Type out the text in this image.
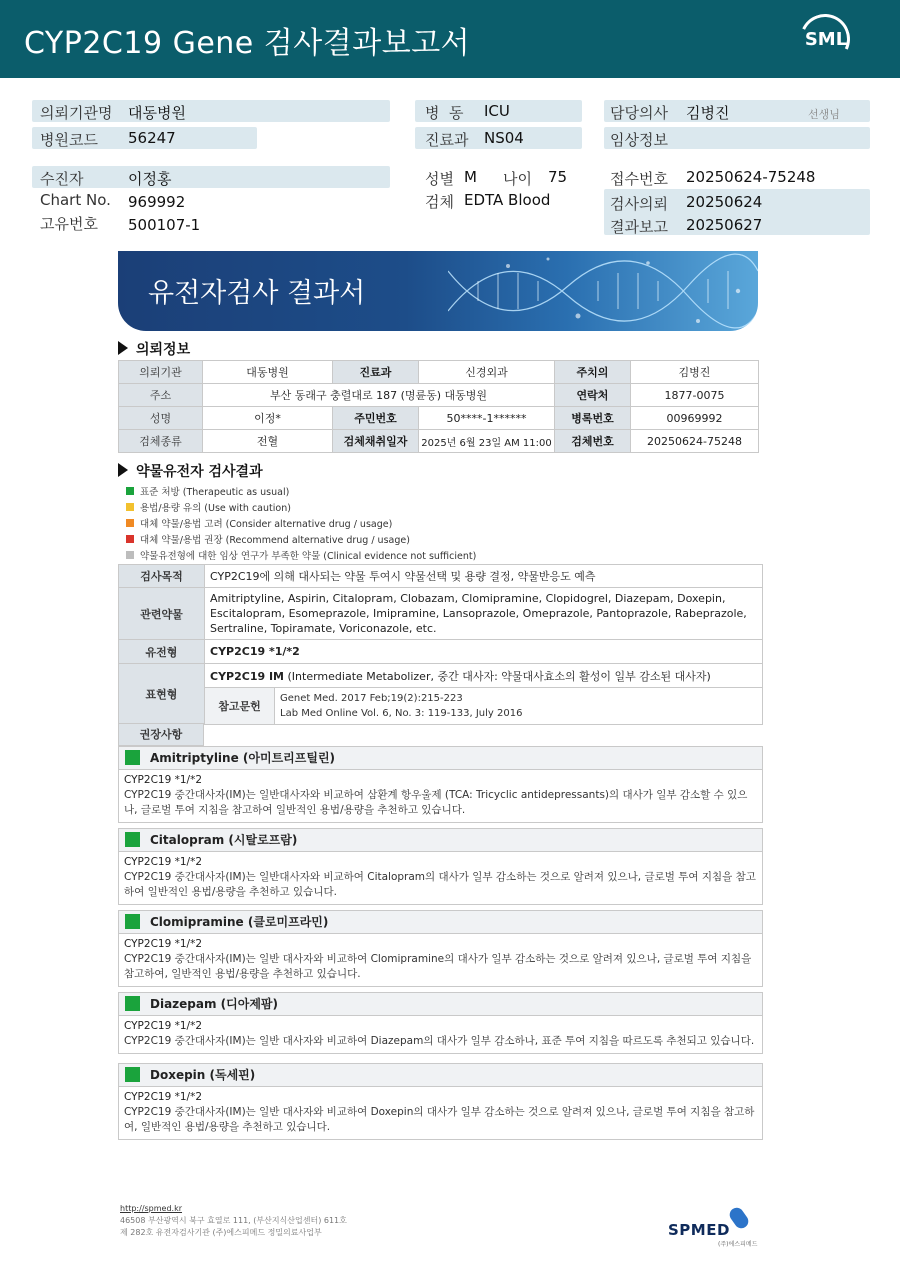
CYP2C19 Gene 검사결과보고서	SML
의뢰기관명 대동병원
병원코드 56247
병  동 ICU
진료과 NS04
담당의사 김병진	선생님
임상정보
수진자	이정홍
Chart No. 969992
고유번호 500107-1
성별 M 나이 75
검체 EDTA Blood
접수번호 20250624-75248
검사의뢰 20250624
결과보고 20250627
유전자검사 결과서
의뢰정보
의뢰기관	대동병원	진료과	신경외과	주치의	김병진
주소	부산 동래구 충렬대로 187 (명륜동) 대동병원			연락처	1877-0075
성명	이정*	주민번호	50****-1******	병록번호	00969992
검체종류	전혈	검체채취일자	2025년 6월 23일 AM 11:00	검체번호	20250624-75248
약물유전자 검사결과
표준 처방 (Therapeutic as usual)
용법/용량 유의 (Use with caution)
대체 약물/용법 고려 (Consider alternative drug / usage)
대체 약물/용법 권장 (Recommend alternative drug / usage)
약물유전형에 대한 임상 연구가 부족한 약물 (Clinical evidence not sufficient)
검사목적	CYP2C19에 의해 대사되는 약물 투여시 약물선택 및 용량 결정, 약물반응도 예측	
관련약물	Amitriptyline, Aspirin, Citalopram, Clobazam, Clomipramine, Clopidogrel, Diazepam, Doxepin, Escitalopram, Esomeprazole, Imipramine, Lansoprazole, Omeprazole, Pantoprazole, Rabeprazole, Sertraline, Topiramate, Voriconazole, etc.	
유전형	CYP2C19 *1/*2	
표현형	CYP2C19 IM (Intermediate Metabolizer, 중간 대사자: 약물대사효소의 활성이 일부 감소된 대사자)	
	참고문헌	Genet Med. 2017 Feb;19(2):215-223
Lab Med Online Vol. 6, No. 3: 119-133, July 2016
권장사항
Amitriptyline (아미트리프틸린)
CYP2C19 *1/*2
CYP2C19 중간대사자(IM)는 일반대사자와 비교하여 삼환계 항우울제 (TCA: Tricyclic antidepressants)의 대사가 일부 감소할 수 있으나, 글로벌 투여 지침을 참고하여 일반적인 용법/용량을 추천하고 있습니다.
Citalopram (시탈로프람)
CYP2C19 *1/*2
CYP2C19 중간대사자(IM)는 일반대사자와 비교하여 Citalopram의 대사가 일부 감소하는 것으로 알려져 있으나, 글로벌 투여 지침을 참고하여 일반적인 용법/용량을 추천하고 있습니다.
Clomipramine (클로미프라민)
CYP2C19 *1/*2
CYP2C19 중간대사자(IM)는 일반 대사자와 비교하여 Clomipramine의 대사가 일부 감소하는 것으로 알려져 있으나, 글로벌 투여 지침을 참고하여, 일반적인 용법/용량을 추천하고 있습니다.
Diazepam (디아제팜)
CYP2C19 *1/*2
CYP2C19 중간대사자(IM)는 일반 대사자와 비교하여 Diazepam의 대사가 일부 감소하나, 표준 투여 지침을 따르도록 추천되고 있습니다.
Doxepin (독세핀)
CYP2C19 *1/*2
CYP2C19 중간대사자(IM)는 일반 대사자와 비교하여 Doxepin의 대사가 일부 감소하는 것으로 알려져 있으나, 글로벌 투여 지침을 참고하여, 일반적인 용법/용량을 추천하고 있습니다.
http://spmed.kr
46508 부산광역시 북구 효열로 111, (부산지식산업센터) 611호
제 282호 유전자검사기관 (주)에스피메드 정밀의료사업부	SPMED
(주)에스피메드
